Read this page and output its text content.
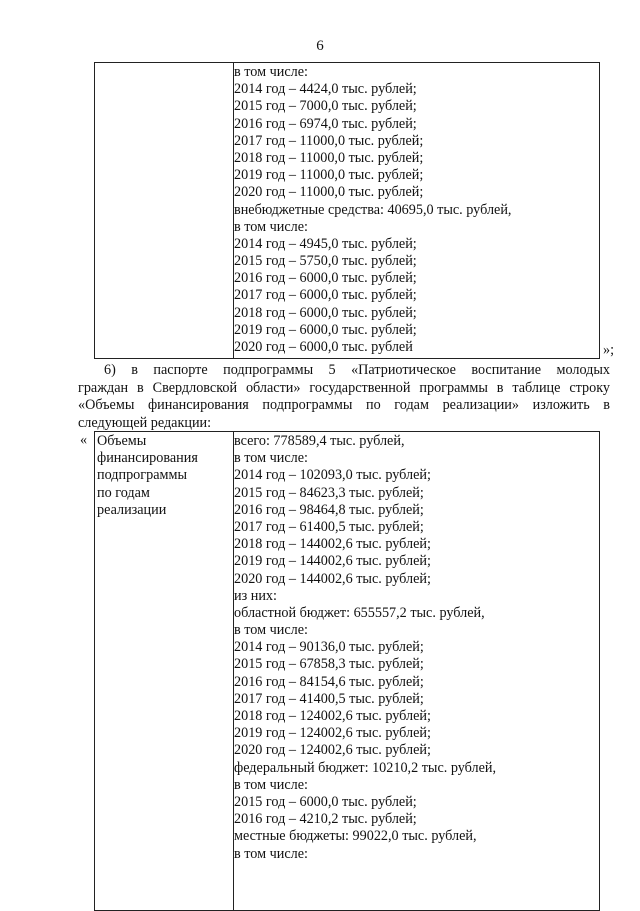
6
в том числе:
2014 год – 4424,0 тыс. рублей;
2015 год – 7000,0 тыс. рублей;
2016 год – 6974,0 тыс. рублей;
2017 год – 11000,0 тыс. рублей;
2018 год – 11000,0 тыс. рублей;
2019 год – 11000,0 тыс. рублей;
2020 год – 11000,0 тыс. рублей;
внебюджетные средства: 40695,0 тыс. рублей,
в том числе:
2014 год – 4945,0 тыс. рублей;
2015 год – 5750,0 тыс. рублей;
2016 год – 6000,0 тыс. рублей;
2017 год – 6000,0 тыс. рублей;
2018 год – 6000,0 тыс. рублей;
2019 год – 6000,0 тыс. рублей;
2020 год – 6000,0 тыс. рублей	»;
6) в паспорте подпрограммы 5 «Патриотическое воспитание молодых
граждан в Свердловской области» государственной программы в таблице строку
«Объемы финансирования подпрограммы по годам реализации» изложить в
следующей редакции:
« Объемы
финансирования
подпрограммы
по годам
реализации
всего: 778589,4 тыс. рублей,
в том числе:
2014 год – 102093,0 тыс. рублей;
2015 год – 84623,3 тыс. рублей;
2016 год – 98464,8 тыс. рублей;
2017 год – 61400,5 тыс. рублей;
2018 год – 144002,6 тыс. рублей;
2019 год – 144002,6 тыс. рублей;
2020 год – 144002,6 тыс. рублей;
из них:
областной бюджет: 655557,2 тыс. рублей,
в том числе:
2014 год – 90136,0 тыс. рублей;
2015 год – 67858,3 тыс. рублей;
2016 год – 84154,6 тыс. рублей;
2017 год – 41400,5 тыс. рублей;
2018 год – 124002,6 тыс. рублей;
2019 год – 124002,6 тыс. рублей;
2020 год – 124002,6 тыс. рублей;
федеральный бюджет: 10210,2 тыс. рублей,
в том числе:
2015 год – 6000,0 тыс. рублей;
2016 год – 4210,2 тыс. рублей;
местные бюджеты: 99022,0 тыс. рублей,
в том числе:
